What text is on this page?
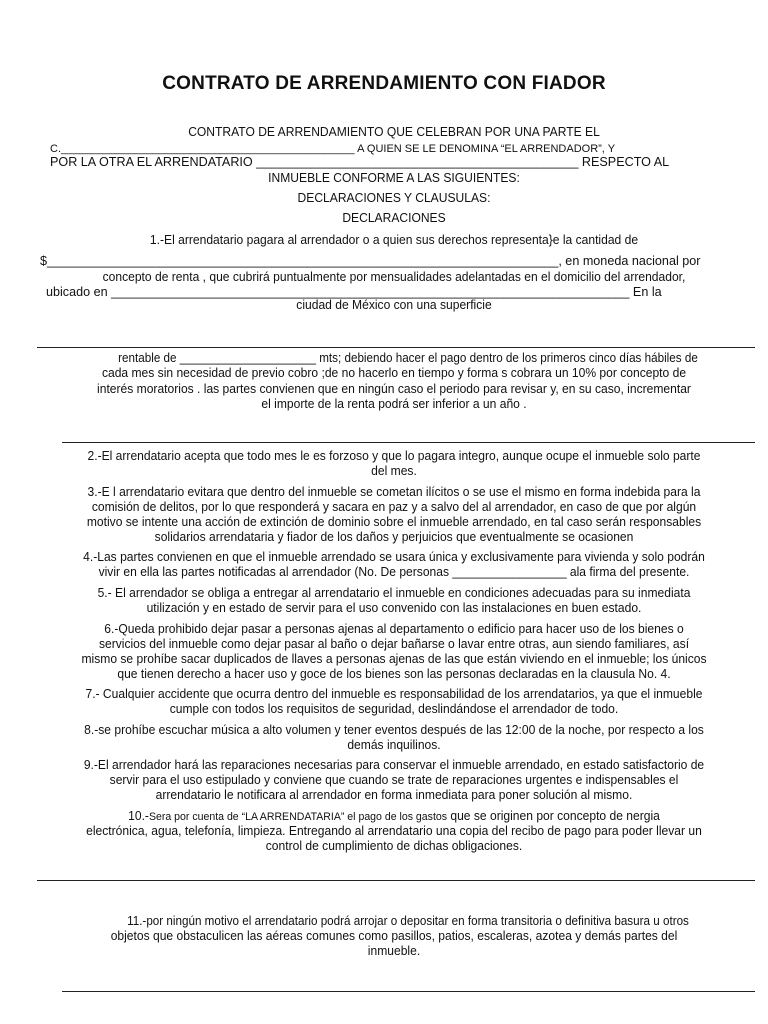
CONTRATO DE ARRENDAMIENTO CON FIADOR
CONTRATO DE ARRENDAMIENTO QUE CELEBRAN POR UNA PARTE EL
C.________________________________________________ A QUIEN SE LE DENOMINA “EL ARRENDADOR”, Y
POR LA OTRA EL ARRENDATARIO ______________________________________________ RESPECTO AL
INMUEBLE CONFORME A LAS SIGUIENTES:
DECLARACIONES Y CLAUSULAS:
DECLARACIONES
1.-El arrendatario pagara al arrendador o a quien sus derechos representa}e la cantidad de
$_________________________________________________________________________, en moneda nacional por
concepto de renta , que cubrirá puntualmente por mensualidades adelantadas en el domicilio del arrendador,
ubicado en __________________________________________________________________________ En la
ciudad de México con una superficie
rentable de _____________________ mts; debiendo hacer el pago dentro de los primeros cinco días hábiles de
cada mes sin necesidad de previo cobro ;de no hacerlo en tiempo y forma s cobrara un 10% por concepto de
interés moratorios . las partes convienen que en ningún caso el periodo para revisar y, en su caso, incrementar
el importe de la renta podrá ser inferior a un año .
2.-El arrendatario acepta que todo mes le es forzoso y que lo pagara integro, aunque ocupe el inmueble solo parte
del mes.
3.-E l arrendatario evitara que dentro del inmueble se cometan ilícitos o se use el mismo en forma indebida para la
comisión de delitos, por lo que responderá y sacara en paz y a salvo del al arrendador, en caso de que por algún
motivo se intente una acción de extinción de dominio sobre el inmueble arrendado, en tal caso serán responsables
solidarios arrendataria y fiador de los daños y perjuicios que eventualmente se ocasionen
4.-Las partes convienen en que el inmueble arrendado se usara única y exclusivamente para vivienda y solo podrán
vivir en ella las partes notificadas al arrendador (No. De personas _________________ ala firma del presente.
5.- El arrendador se obliga a entregar al arrendatario el inmueble en condiciones adecuadas para su inmediata
utilización y en estado de servir para el uso convenido con las instalaciones en buen estado.
6.-Queda prohibido dejar pasar a personas ajenas al departamento o edificio para hacer uso de los bienes o
servicios del inmueble como dejar pasar al baño o dejar bañarse o lavar entre otras, aun siendo familiares, así
mismo se prohíbe sacar duplicados de llaves a personas ajenas de las que están viviendo en el inmueble; los únicos
que tienen derecho a hacer uso y goce de los bienes son las personas declaradas en la clausula No. 4.
7.- Cualquier accidente que ocurra dentro del inmueble es responsabilidad de los arrendatarios, ya que el inmueble
cumple con todos los requisitos de seguridad, deslindándose el arrendador de todo.
8.-se prohíbe escuchar música a alto volumen y tener eventos después de las 12:00 de la noche, por respecto a los
demás inquilinos.
9.-El arrendador hará las reparaciones necesarias para conservar el inmueble arrendado, en estado satisfactorio de
servir para el uso estipulado y conviene que cuando se trate de reparaciones urgentes e indispensables el
arrendatario le notificara al arrendador en forma inmediata para poner solución al mismo.
10.-Sera por cuenta de “LA ARRENDATARIA” el pago de los gastos que se originen por concepto de nergia
electrónica, agua, telefonía, limpieza. Entregando al arrendatario una copia del recibo de pago para poder llevar un
control de cumplimiento de dichas obligaciones.
11.-por ningún motivo el arrendatario podrá arrojar o depositar en forma transitoria o definitiva basura u otros
objetos que obstaculicen las aéreas comunes como pasillos, patios, escaleras, azotea y demás partes del
inmueble.
